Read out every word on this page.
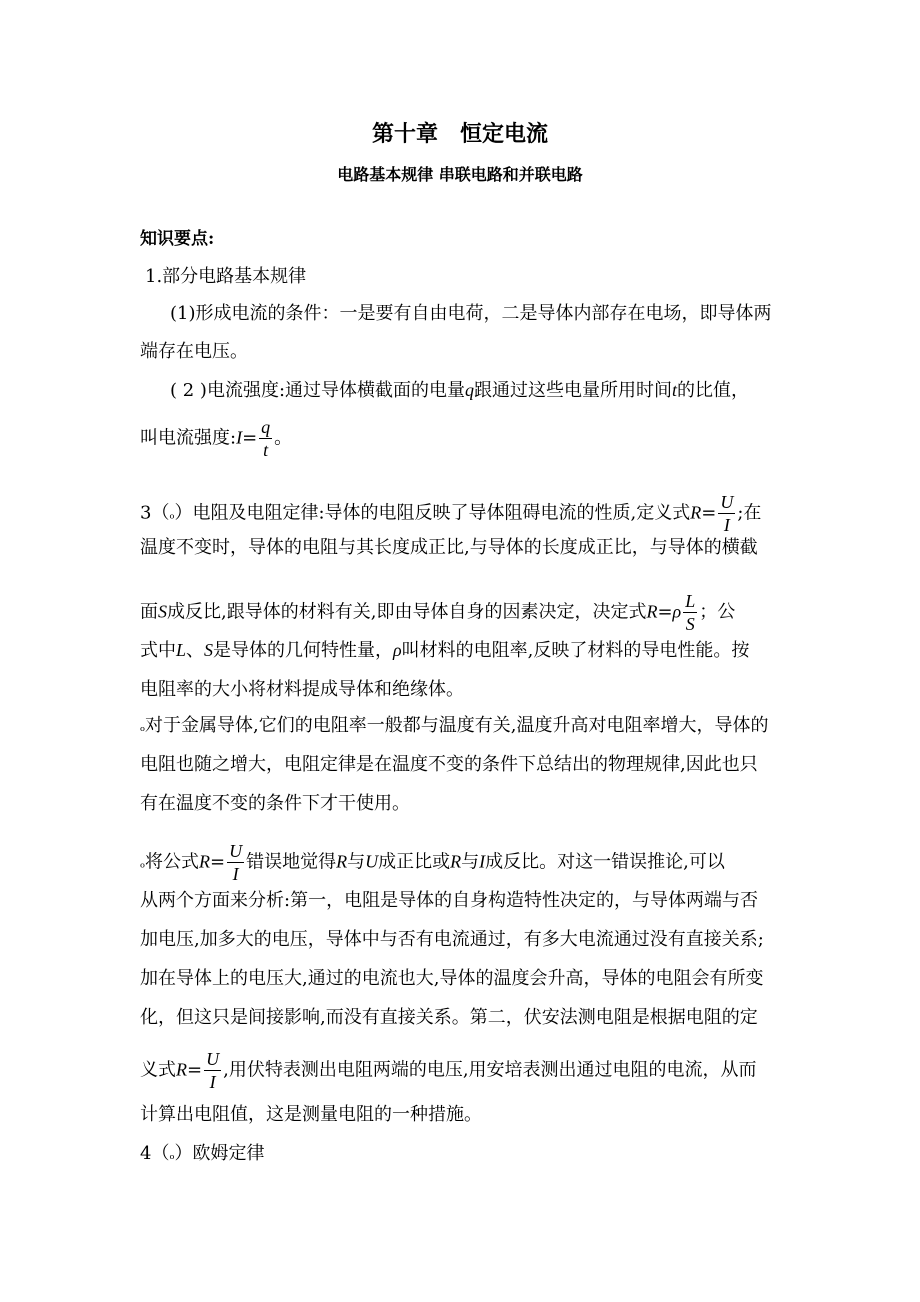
第十章　恒定电流
电路基本规律 串联电路和并联电路
知识要点:
1.部分电路基本规律
(1)形成电流的条件：一是要有自由电荷，二是导体内部存在电场，即导体两
端存在电压。
( 2 )电流强度:通过导体横截面的电量q跟通过这些电量所用时间t的比值，
叫电流强度:I= $\frac{q}{t}$ 。
3（ₒ）电阻及电阻定律:导体的电阻反映了导体阻碍电流的性质,定义式$R= \frac{U}{I}$ ;在
温度不变时，导体的电阻与其长度成正比,与导体的长度成正比，与导体的横截
面S成反比,跟导体的材料有关,即由导体自身的因素决定，决定式$R=\rho \frac{L}{S}$ ；公
式中L、S是导体的几何特性量，ρ叫材料的电阻率,反映了材料的导电性能。按
电阻率的大小将材料提成导体和绝缘体。
ₒ对于金属导体,它们的电阻率一般都与温度有关,温度升高对电阻率增大，导体的
电阻也随之增大，电阻定律是在温度不变的条件下总结出的物理规律,因此也只
有在温度不变的条件下才干使用。
ₒ将公式$R= \frac{U}{I}$ 错误地觉得R与U成正比或R与I成反比。对这一错误推论,可以
从两个方面来分析:第一，电阻是导体的自身构造特性决定的，与导体两端与否
加电压,加多大的电压，导体中与否有电流通过，有多大电流通过没有直接关系;
加在导体上的电压大,通过的电流也大,导体的温度会升高，导体的电阻会有所变
化，但这只是间接影响,而没有直接关系。第二，伏安法测电阻是根据电阻的定
义式$R= \frac{U}{I}$ ,用伏特表测出电阻两端的电压,用安培表测出通过电阻的电流，从而
计算出电阻值，这是测量电阻的一种措施。
4（ₒ）欧姆定律
